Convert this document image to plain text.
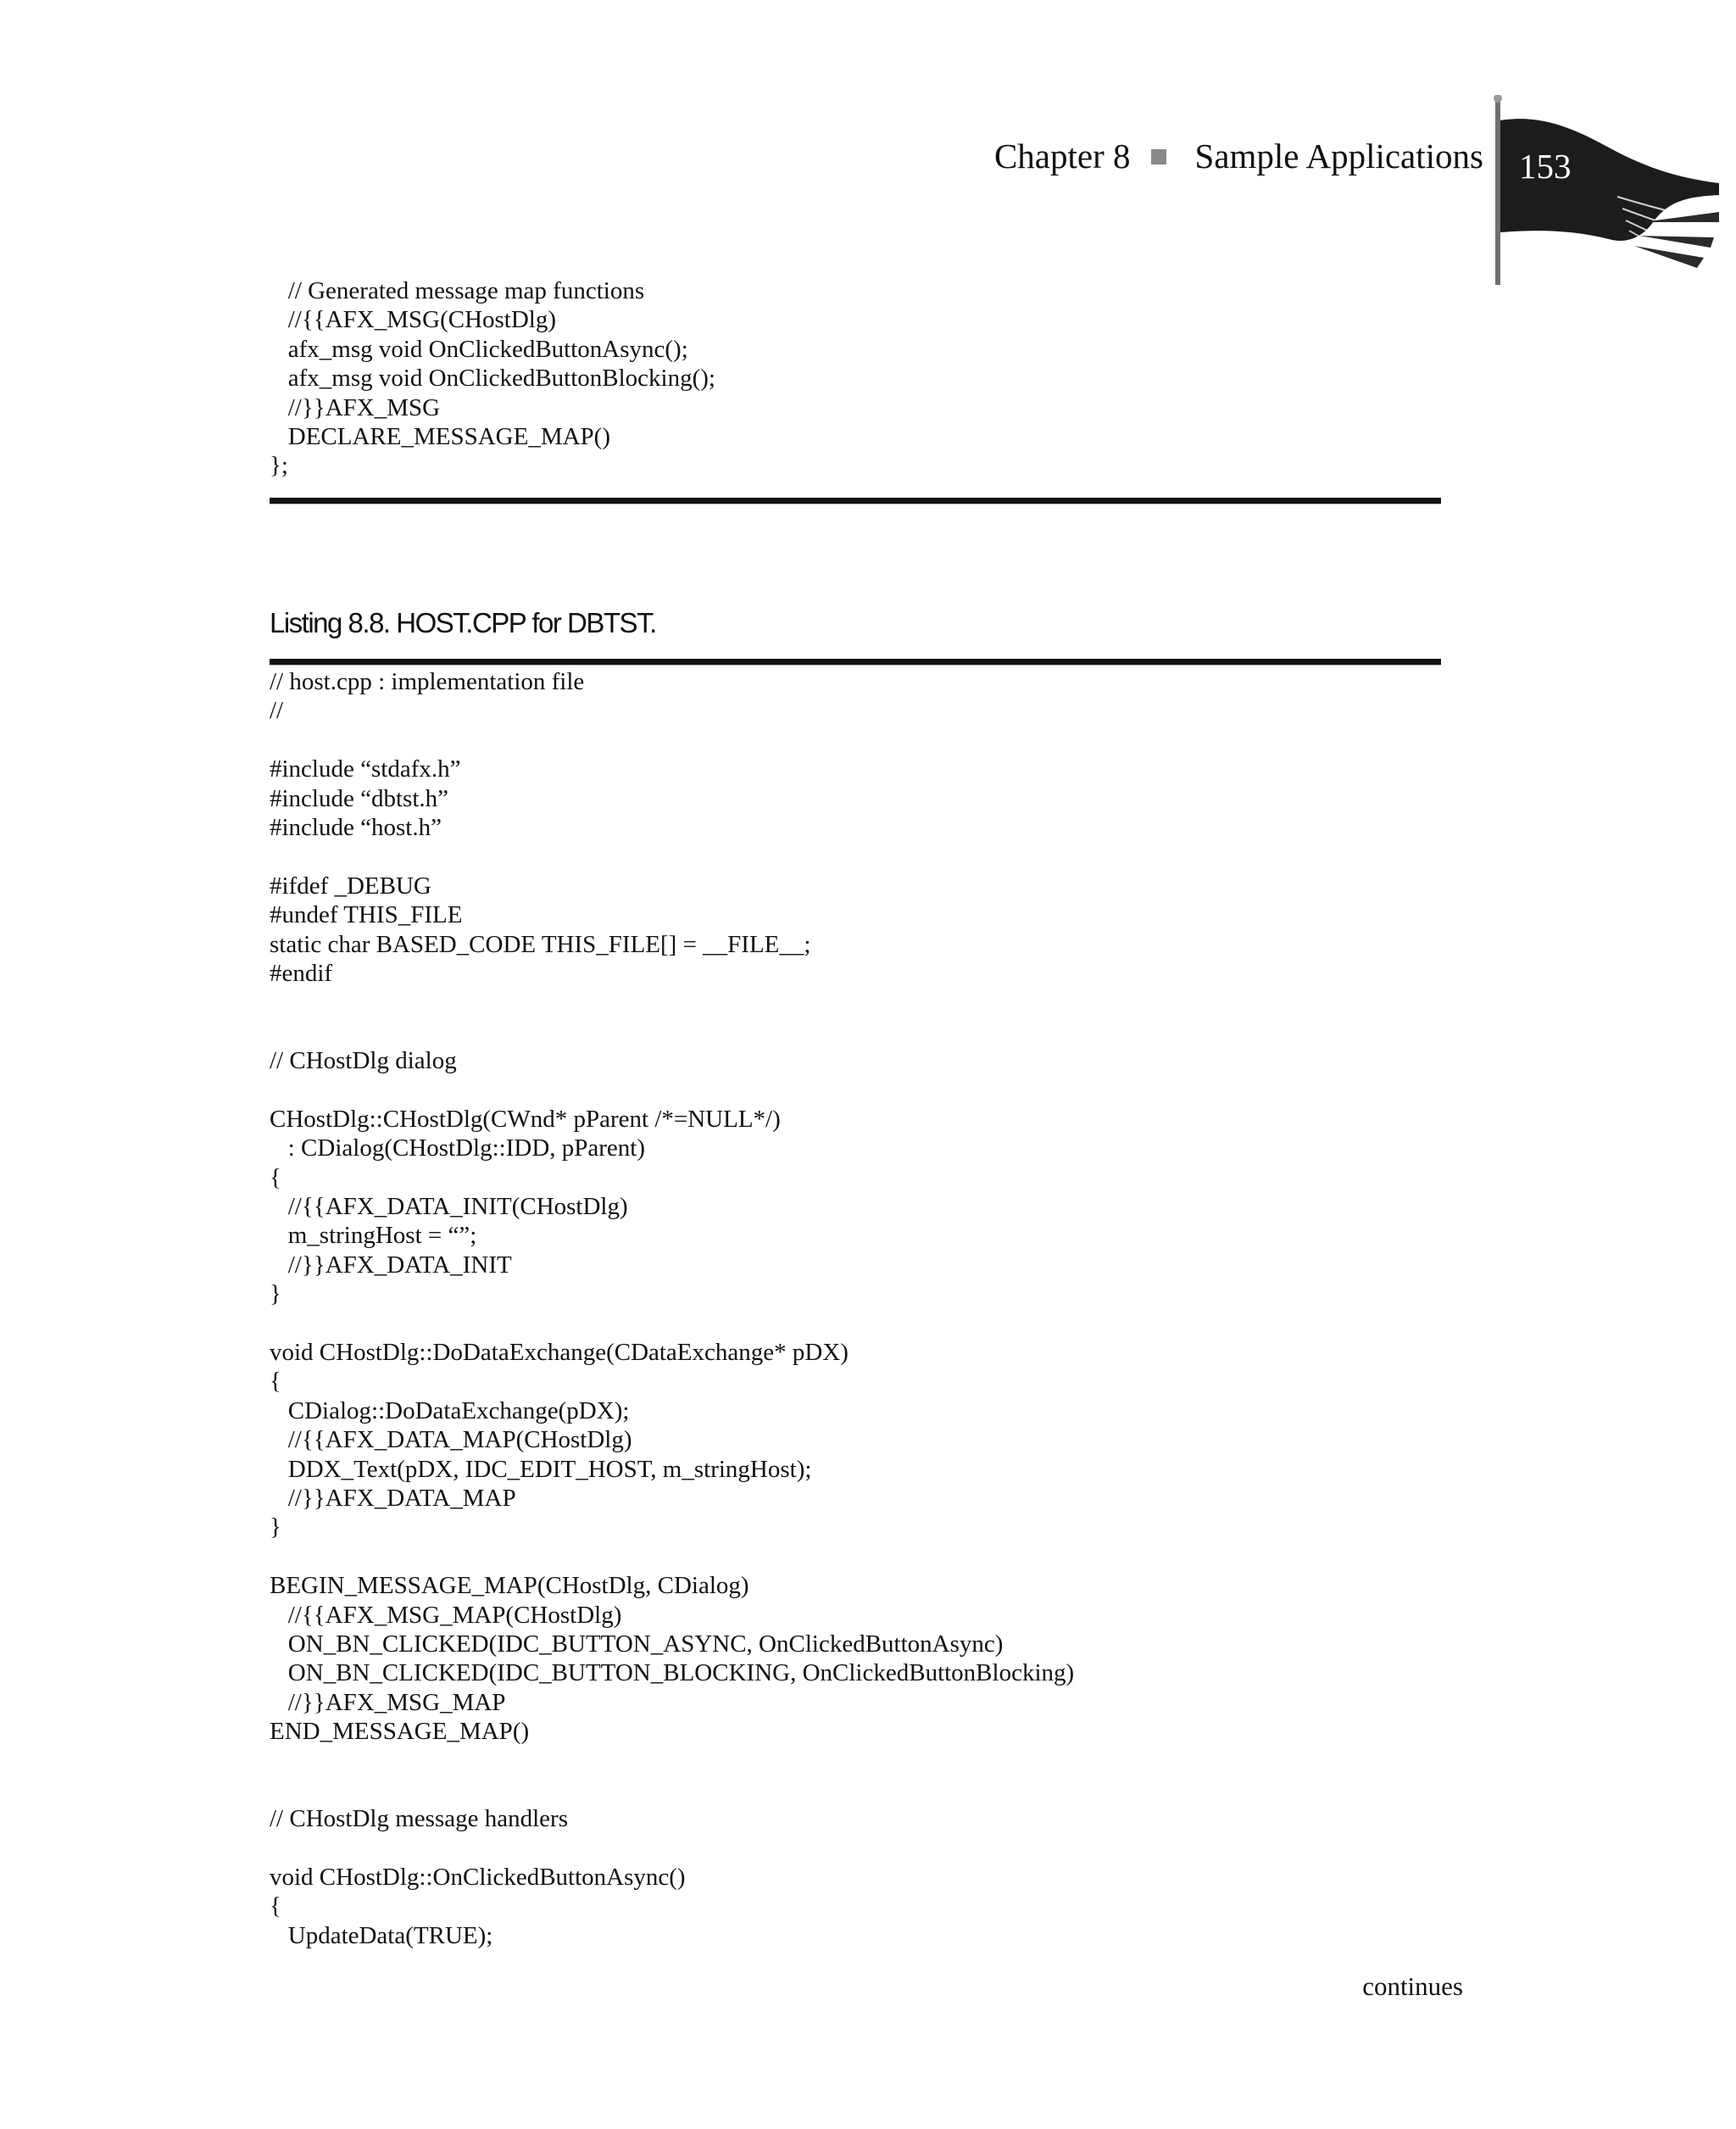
Chapter 8 Sample Applications 153
// Generated message map functions
//{{AFX_MSG(CHostDlg)
afx_msg void OnClickedButtonAsync();
afx_msg void OnClickedButtonBlocking();
//}}AFX_MSG
DECLARE_MESSAGE_MAP()
};
Listing 8.8. HOST.CPP for DBTST.
// host.cpp : implementation file
//
#include “stdafx.h”
#include “dbtst.h”
#include “host.h”
#ifdef _DEBUG
#undef THIS_FILE
static char BASED_CODE THIS_FILE[] = __FILE__;
#endif
// CHostDlg dialog
CHostDlg::CHostDlg(CWnd* pParent /*=NULL*/)
: CDialog(CHostDlg::IDD, pParent)
{
//{{AFX_DATA_INIT(CHostDlg)
m_stringHost = “”;
//}}AFX_DATA_INIT
}
void CHostDlg::DoDataExchange(CDataExchange* pDX)
{
CDialog::DoDataExchange(pDX);
//{{AFX_DATA_MAP(CHostDlg)
DDX_Text(pDX, IDC_EDIT_HOST, m_stringHost);
//}}AFX_DATA_MAP
}
BEGIN_MESSAGE_MAP(CHostDlg, CDialog)
//{{AFX_MSG_MAP(CHostDlg)
ON_BN_CLICKED(IDC_BUTTON_ASYNC, OnClickedButtonAsync)
ON_BN_CLICKED(IDC_BUTTON_BLOCKING, OnClickedButtonBlocking)
//}}AFX_MSG_MAP
END_MESSAGE_MAP()
// CHostDlg message handlers
void CHostDlg::OnClickedButtonAsync()
{
UpdateData(TRUE);
continues
